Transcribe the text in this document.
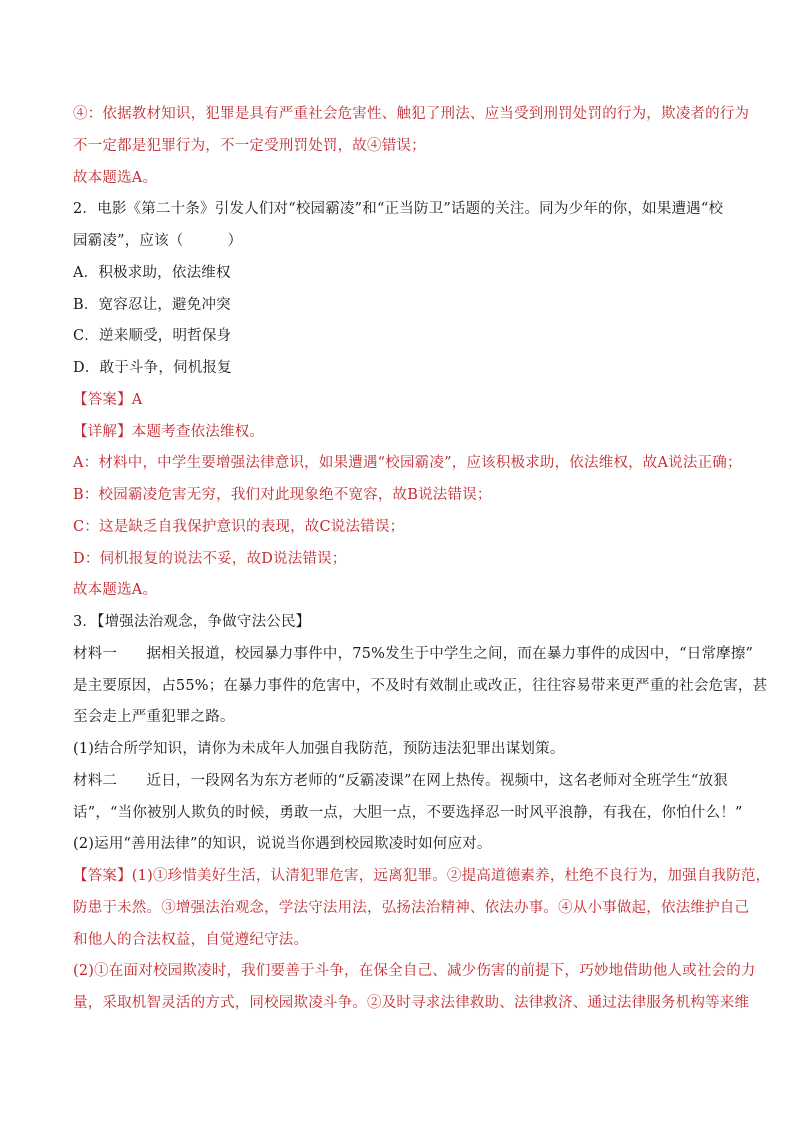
④：依据教材知识，犯罪是具有严重社会危害性、触犯了刑法、应当受到刑罚处罚的行为，欺凌者的行为
不一定都是犯罪行为，不一定受刑罚处罚，故④错误；
故本题选A。
2．电影《第二十条》引发人们对“校园霸凌”和“正当防卫”话题的关注。同为少年的你，如果遭遇“校
园霸凌”，应该（　　　）
A．积极求助，依法维权
B．宽容忍让，避免冲突
C．逆来顺受，明哲保身
D．敢于斗争，伺机报复
【答案】A
【详解】本题考查依法维权。
A：材料中，中学生要增强法律意识，如果遭遇“校园霸凌”，应该积极求助，依法维权，故A说法正确；
B：校园霸凌危害无穷，我们对此现象绝不宽容，故B说法错误；
C：这是缺乏自我保护意识的表现，故C说法错误；
D：伺机报复的说法不妥，故D说法错误；
故本题选A。
3．【增强法治观念，争做守法公民】
材料一　　据相关报道，校园暴力事件中，75%发生于中学生之间，而在暴力事件的成因中，“日常摩擦”
是主要原因，占55%；在暴力事件的危害中，不及时有效制止或改正，往往容易带来更严重的社会危害，甚
至会走上严重犯罪之路。
(1)结合所学知识，请你为未成年人加强自我防范，预防违法犯罪出谋划策。
材料二　　近日，一段网名为东方老师的“反霸凌课”在网上热传。视频中，这名老师对全班学生“放狠
话”，“当你被别人欺负的时候，勇敢一点，大胆一点，不要选择忍一时风平浪静，有我在，你怕什么！”
(2)运用“善用法律”的知识，说说当你遇到校园欺凌时如何应对。
【答案】(1)①珍惜美好生活，认清犯罪危害，远离犯罪。②提高道德素养，杜绝不良行为，加强自我防范，
防患于未然。③增强法治观念，学法守法用法，弘扬法治精神、依法办事。④从小事做起，依法维护自己
和他人的合法权益，自觉遵纪守法。
(2)①在面对校园欺凌时，我们要善于斗争，在保全自己、减少伤害的前提下，巧妙地借助他人或社会的力
量，采取机智灵活的方式，同校园欺凌斗争。②及时寻求法律救助、法律救济、通过法律服务机构等来维
